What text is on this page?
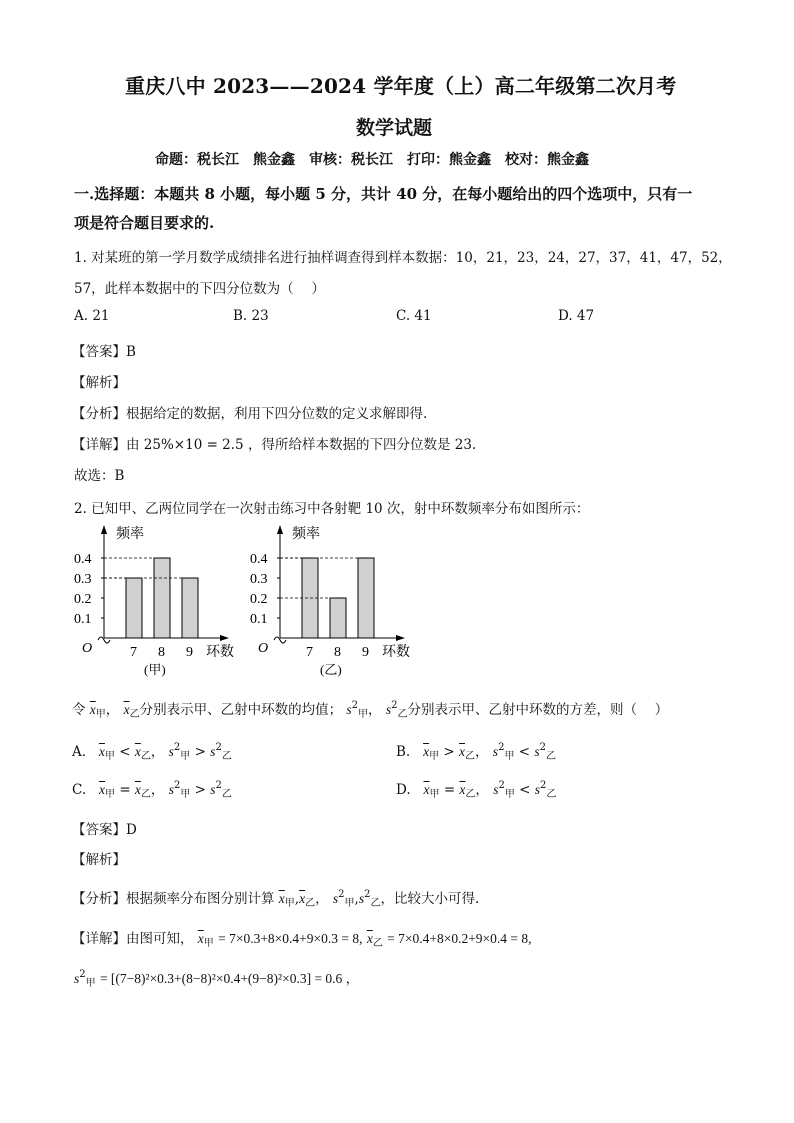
重庆八中 2023——2024 学年度（上）高二年级第二次月考
数学试题
命题：税长江　熊金鑫　审核：税长江　打印：熊金鑫　校对：熊金鑫
一.选择题：本题共 8 小题，每小题 5 分，共计 40 分，在每小题给出的四个选项中，只有一
项是符合题目要求的.
1. 对某班的第一学月数学成绩排名进行抽样调查得到样本数据：10，21，23，24，27，37，41，47，52，
57，此样本数据中的下四分位数为（　 ）
A. 21	B. 23	C. 41	D. 47
【答案】B
【解析】
【分析】根据给定的数据，利用下四分位数的定义求解即得.
【详解】由 25%×10 = 2.5 ，得所给样本数据的下四分位数是 23.
故选：B
2. 已知甲、乙两位同学在一次射击练习中各射靶 10 次，射中环数频率分布如图所示：
频率
O	环数
(甲)
0.1
0.2
0.3
0.4
7 8 9
频率
O	环数
(乙)
0.1
0.2
0.3
0.4
7 8 9
令 $\overline{x}_甲$， $\overline{x}_乙$分别表示甲、乙射中环数的均值； $s^2_甲$， $s^2_乙$分别表示甲、乙射中环数的方差，则（　 ）
A. $\overline{x}_甲 < \overline{x}_乙$， $s^2_甲 > s^2_乙$	B. $\overline{x}_甲 > \overline{x}_乙$， $s^2_甲 < s^2_乙$
C. $\overline{x}_甲 = \overline{x}_乙$， $s^2_甲 > s^2_乙$	D. $\overline{x}_甲 = \overline{x}_乙$， $s^2_甲 < s^2_乙$
【答案】D
【解析】
【分析】根据频率分布图分别计算 $\overline{x}_甲,\overline{x}_乙$， $s^2_甲,s^2_乙$，比较大小可得.
【详解】由图可知， $\overline{x}_甲 = 7\times 0.3+8\times 0.4+9\times 0.3 = 8$, $\overline{x}_乙 = 7\times 0.4+8\times 0.2+9\times 0.4 = 8$,
$s^2_甲 = [(7-8)^2\times 0.3+(8-8)^2\times 0.4+(9-8)^2\times 0.3] = 0.6$ ，
